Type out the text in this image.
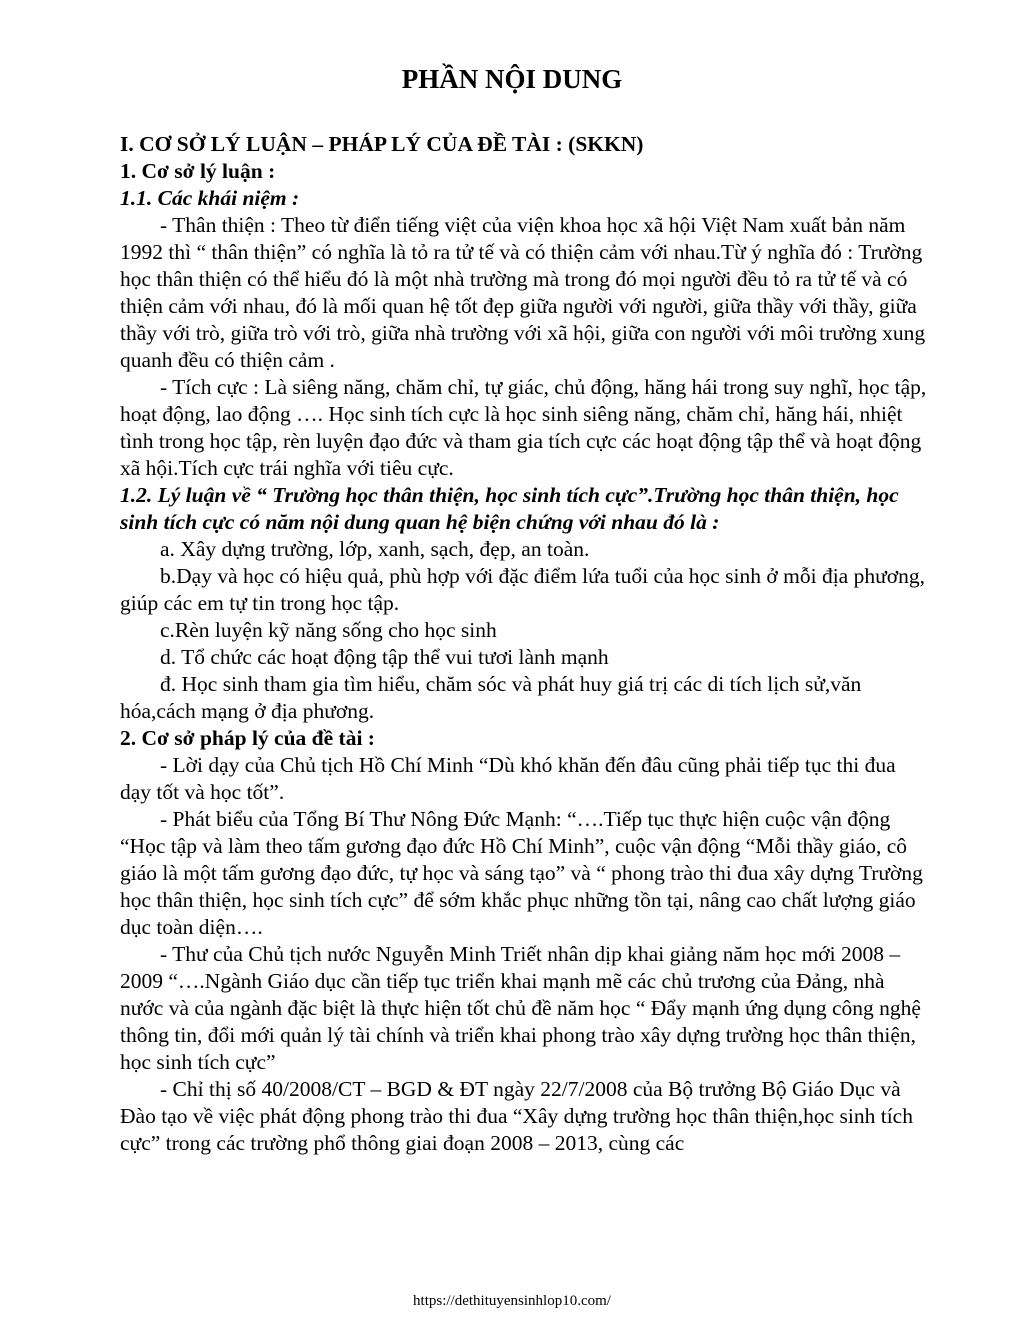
PHẦN NỘI DUNG

I. CƠ SỞ LÝ LUẬN – PHÁP LÝ CỦA ĐỀ TÀI : (SKKN)

1. Cơ sở lý luận :

1.1. Các khái niệm :

- Thân thiện : Theo từ điển tiếng việt của viện khoa học xã hội Việt Nam xuất bản năm 1992 thì “ thân thiện” có nghĩa là tỏ ra tử tế và có thiện cảm với nhau.Từ ý nghĩa đó : Trường học thân thiện có thể hiểu đó là một nhà trường mà trong đó mọi người đều tỏ ra tử tế và có thiện cảm với nhau, đó là mối quan hệ tốt đẹp giữa người với người, giữa thầy với thầy, giữa thầy với trò, giữa trò với trò, giữa nhà trường với xã hội, giữa con người với môi trường xung quanh đều có thiện cảm .

- Tích cực : Là siêng năng, chăm chỉ, tự giác, chủ động, hăng hái trong suy nghĩ, học tập, hoạt động, lao động …. Học sinh tích cực là học sinh siêng năng, chăm chỉ, hăng hái, nhiệt tình trong học tập, rèn luyện đạo đức và tham gia tích cực các hoạt động tập thể và hoạt động xã hội.Tích cực trái nghĩa với tiêu cực.

1.2. Lý luận về “ Trường học thân thiện, học sinh tích cực”.Trường học thân thiện, học sinh tích cực có năm nội dung quan hệ biện chứng với nhau đó là :

a. Xây dựng trường, lớp, xanh, sạch, đẹp, an toàn.

b.Dạy và học có hiệu quả, phù hợp với đặc điểm lứa tuổi của học sinh ở mỗi địa phương, giúp các em tự tin trong học tập.

c.Rèn luyện kỹ năng sống cho học sinh

d. Tổ chức các hoạt động tập thể vui tươi lành mạnh

đ. Học sinh tham gia tìm hiểu, chăm sóc và phát huy giá trị các di tích lịch sử,văn hóa,cách mạng ở địa phương.

2. Cơ sở pháp lý của đề tài :

- Lời dạy của Chủ tịch Hồ Chí Minh “Dù khó khăn đến đâu cũng phải tiếp tục thi đua dạy tốt và học tốt”.

- Phát biểu của Tổng Bí Thư Nông Đức Mạnh: “….Tiếp tục thực hiện cuộc vận động “Học tập và làm theo tấm gương đạo đức Hồ Chí Minh”, cuộc vận động “Mỗi thầy giáo, cô giáo là một tấm gương đạo đức, tự học và sáng tạo” và “ phong trào thi đua xây dựng Trường học thân thiện, học sinh tích cực” để sớm khắc phục những tồn tại, nâng cao chất lượng giáo dục toàn diện….

- Thư của Chủ tịch nước Nguyễn Minh Triết nhân dịp khai giảng năm học mới 2008 – 2009 “….Ngành Giáo dục cần tiếp tục triển khai mạnh mẽ các chủ trương của Đảng, nhà nước và của ngành đặc biệt là thực hiện tốt chủ đề năm học “ Đẩy mạnh ứng dụng công nghệ thông tin, đổi mới quản lý tài chính và triển khai phong trào xây dựng trường học thân thiện, học sinh tích cực”

- Chỉ thị số 40/2008/CT – BGD & ĐT ngày 22/7/2008 của Bộ trưởng Bộ Giáo Dục và Đào tạo về việc phát động phong trào thi đua “Xây dựng trường học thân thiện,học sinh tích cực” trong các trường phổ thông giai đoạn 2008 – 2013, cùng các

https://dethituyensinhlop10.com/
